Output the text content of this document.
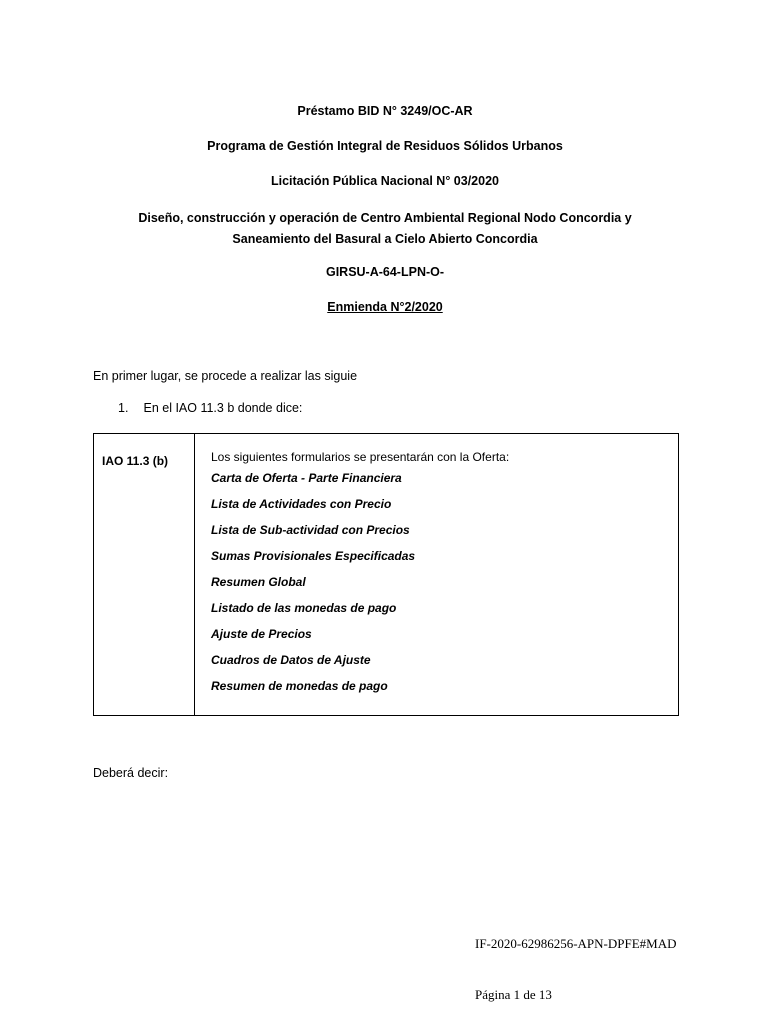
Préstamo BID N° 3249/OC-AR
Programa de Gestión Integral de Residuos Sólidos Urbanos
Licitación Pública Nacional N° 03/2020
Diseño, construcción y operación de Centro Ambiental Regional Nodo Concordia y
Saneamiento del Basural a Cielo Abierto Concordia
GIRSU-A-64-LPN-O-
Enmienda N°2/2020
En primer lugar, se procede a realizar las siguie
1. En el IAO 11.3 b donde dice:
IAO 11.3 (b)	Los siguientes formularios se presentarán con la Oferta:
Carta de Oferta - Parte Financiera
Lista de Actividades con Precio
Lista de Sub-actividad con Precios
Sumas Provisionales Especificadas
Resumen Global
Listado de las monedas de pago
Ajuste de Precios
Cuadros de Datos de Ajuste
Resumen de monedas de pago
Deberá decir:
IF-2020-62986256-APN-DPFE#MAD
Página 1 de 13
